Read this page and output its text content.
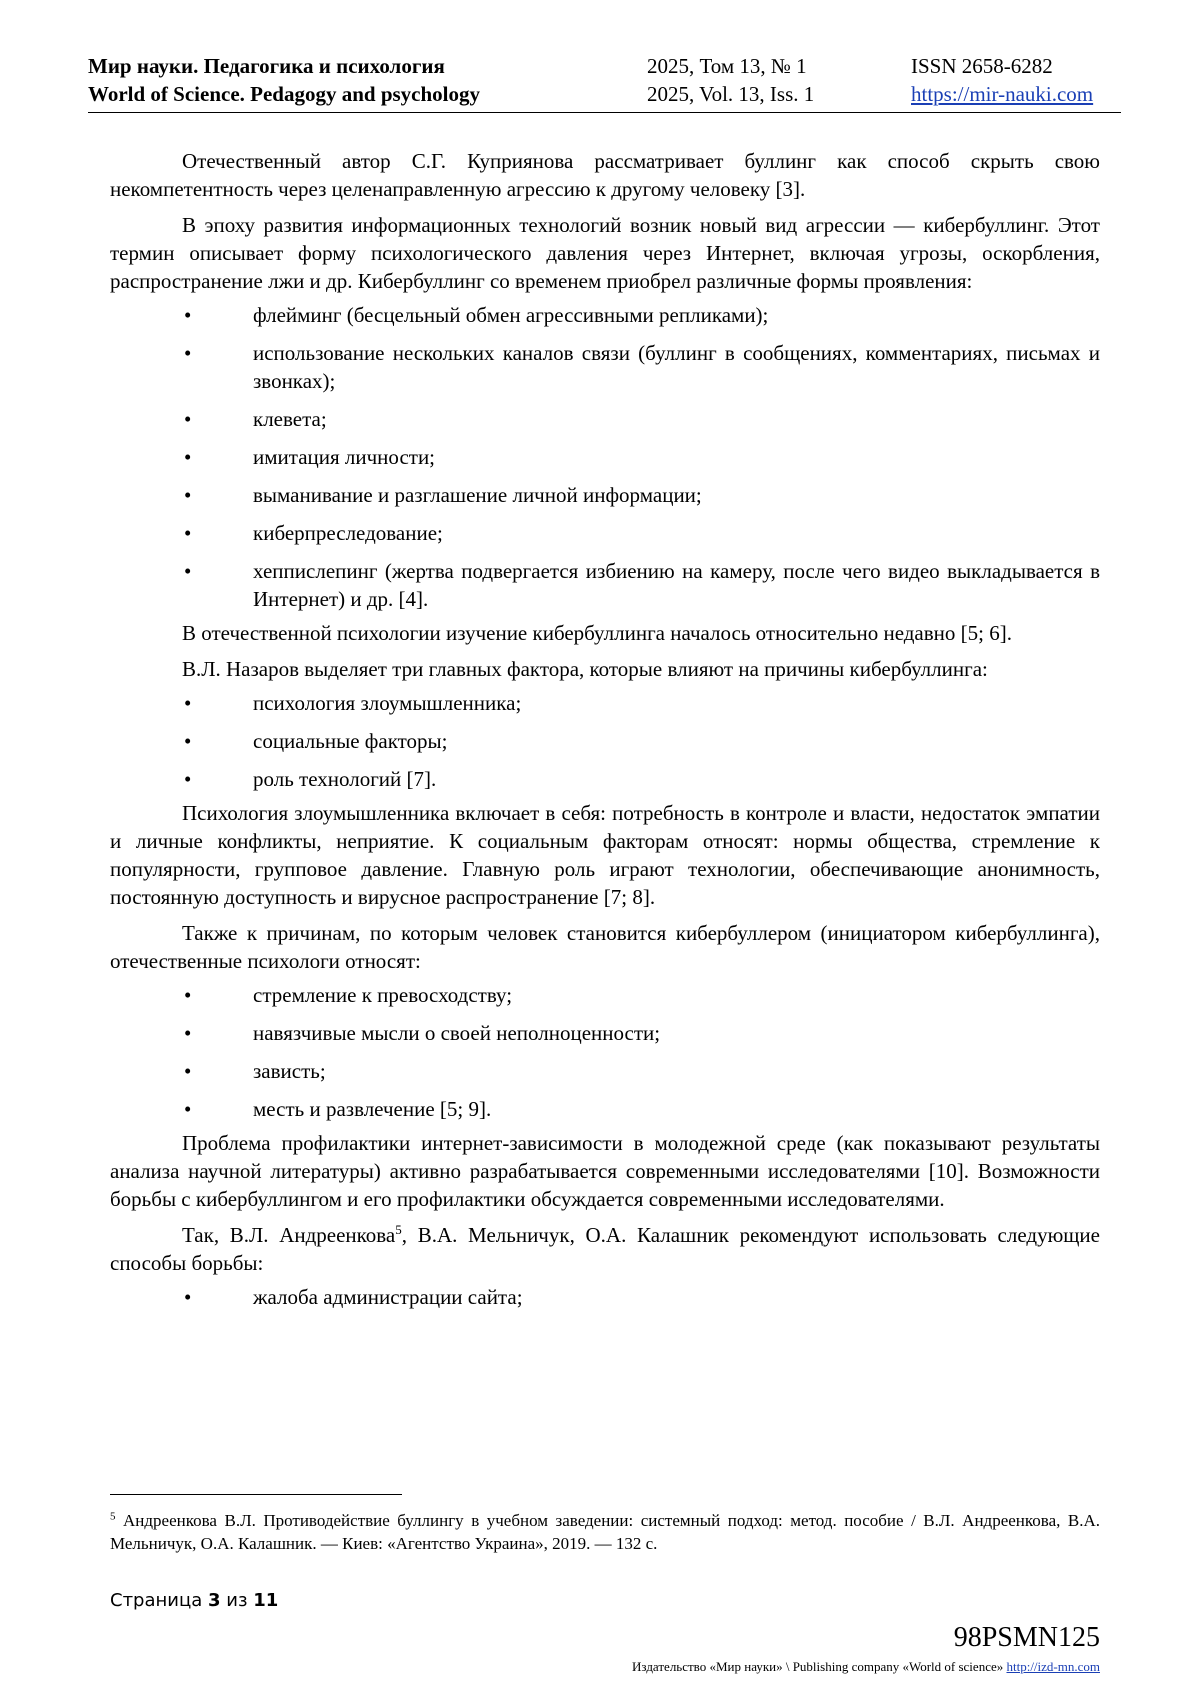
Мир науки. Педагогика и психология
World of Science. Pedagogy and psychology
2025, Том 13, № 1
2025, Vol. 13, Iss. 1
ISSN 2658-6282
https://mir-nauki.com

Отечественный автор С.Г. Куприянова рассматривает буллинг как способ скрыть свою некомпетентность через целенаправленную агрессию к другому человеку [3].

В эпоху развития информационных технологий возник новый вид агрессии — кибербуллинг. Этот термин описывает форму психологического давления через Интернет, включая угрозы, оскорбления, распространение лжи и др. Кибербуллинг со временем приобрел различные формы проявления:

•	флейминг (бесцельный обмен агрессивными репликами);
•	использование нескольких каналов связи (буллинг в сообщениях, комментариях, письмах и звонках);
•	клевета;
•	имитация личности;
•	выманивание и разглашение личной информации;
•	киберпреследование;
•	хеппислепинг (жертва подвергается избиению на камеру, после чего видео выкладывается в Интернет) и др. [4].

В отечественной психологии изучение кибербуллинга началось относительно недавно [5; 6].

В.Л. Назаров выделяет три главных фактора, которые влияют на причины кибербуллинга:

•	психология злоумышленника;
•	социальные факторы;
•	роль технологий [7].

Психология злоумышленника включает в себя: потребность в контроле и власти, недостаток эмпатии и личные конфликты, неприятие. К социальным факторам относят: нормы общества, стремление к популярности, групповое давление. Главную роль играют технологии, обеспечивающие анонимность, постоянную доступность и вирусное распространение [7; 8].

Также к причинам, по которым человек становится кибербуллером (инициатором кибербуллинга), отечественные психологи относят:

•	стремление к превосходству;
•	навязчивые мысли о своей неполноценности;
•	зависть;
•	месть и развлечение [5; 9].

Проблема профилактики интернет-зависимости в молодежной среде (как показывают результаты анализа научной литературы) активно разрабатывается современными исследователями [10]. Возможности борьбы с кибербуллингом и его профилактики обсуждается современными исследователями.

Так, В.Л. Андреенкова$^5$, В.А. Мельничук, О.А. Калашник рекомендуют использовать следующие способы борьбы:

•	жалоба администрации сайта;
$^5$ Андреенкова В.Л. Противодействие буллингу в учебном заведении: системный подход: метод. пособие / В.Л. Андреенкова, В.А. Мельничук, О.А. Калашник. — Киев: «Агентство Украина», 2019. — 132 с.
Страница 3 из 11
98PSMN125
Издательство «Мир науки» \ Publishing company «World of science» http://izd-mn.com
